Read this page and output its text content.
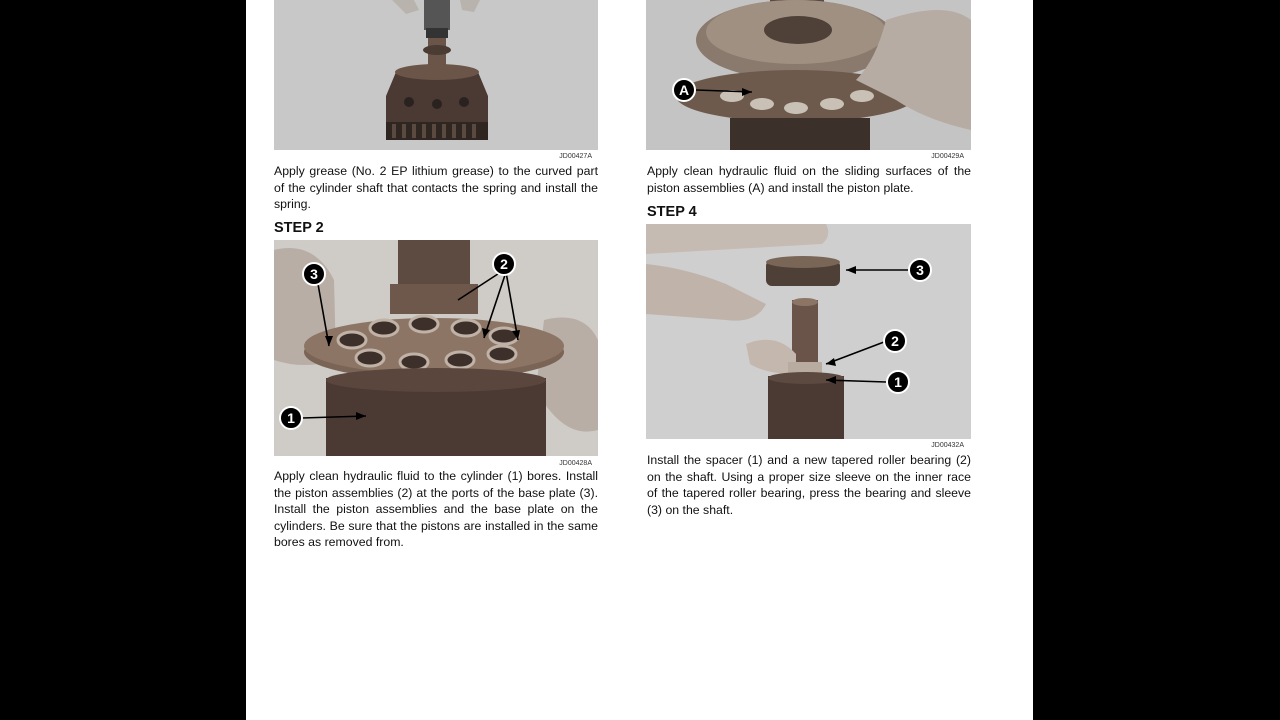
JD00427A

Apply grease (No. 2 EP lithium grease) to the curved part of the cylinder shaft that contacts the spring and install the spring.

STEP 2
3
2
1
JD00428A

Apply clean hydraulic fluid to the cylinder (1) bores. Install the piston assemblies (2) at the ports of the base plate (3). Install the piston assemblies and the base plate on the cylinders. Be sure that the pistons are installed in the same bores as removed from.

A
JD00429A

Apply clean hydraulic fluid on the sliding surfaces of the piston assemblies (A) and install the piston plate.

STEP 4
3
2
1
JD00432A

Install the spacer (1) and a new tapered roller bearing (2) on the shaft. Using a proper size sleeve on the inner race of the tapered roller bearing, press the bearing and sleeve (3) on the shaft.
